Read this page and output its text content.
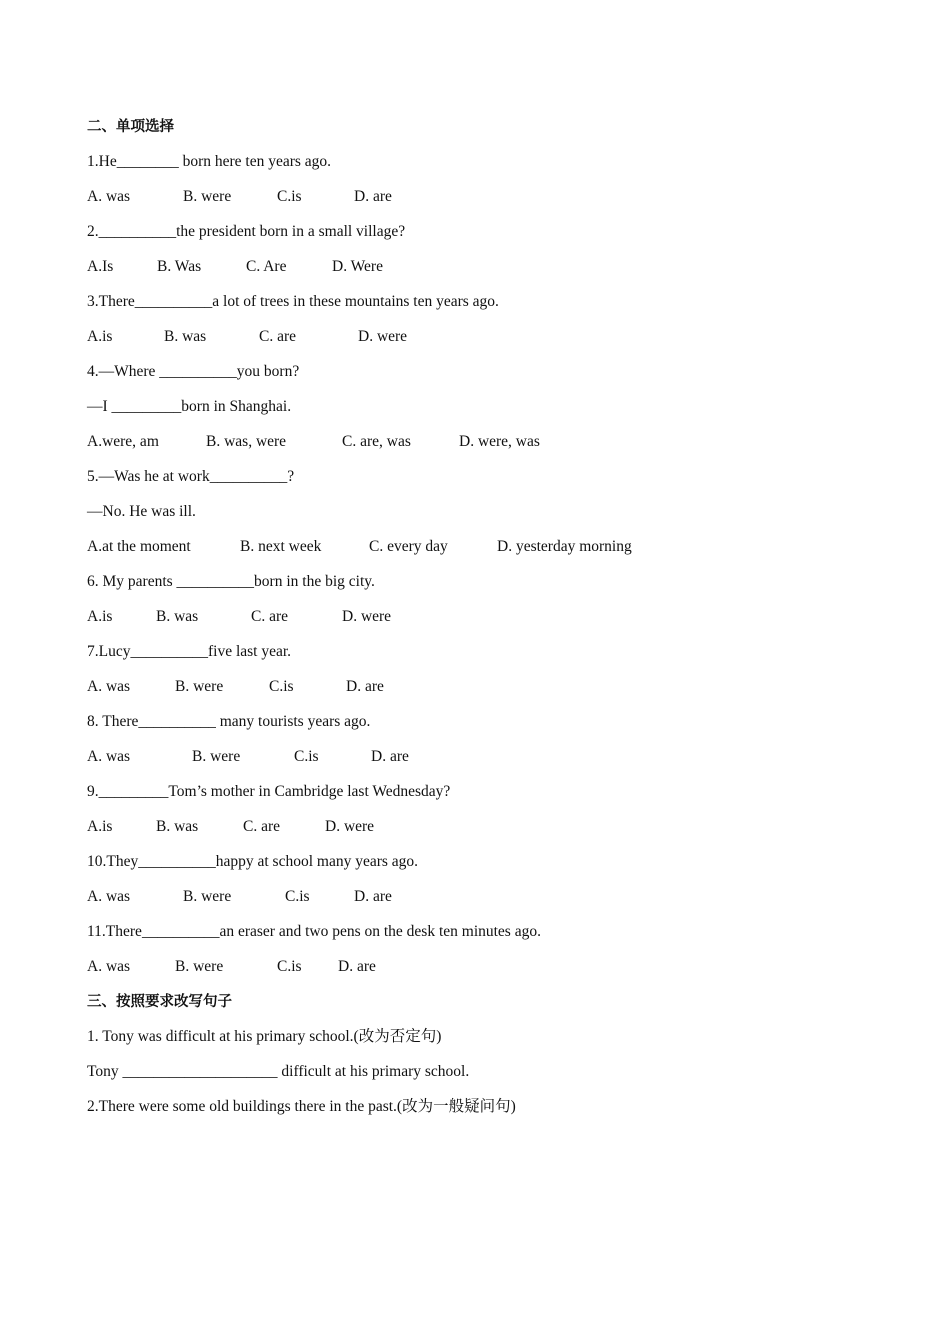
二、单项选择
1.He________ born here ten years ago.
A. was	B. were	C.is	D. are
2.__________the president born in a small village?
A.Is	B. Was	C. Are	D. Were
3.There__________a lot of trees in these mountains ten years ago.
A.is	B. was	C. are	D. were
4.—Where __________you born?
—I _________born in Shanghai.
A.were, am	B. was, were	C. are, was	D. were, was
5.—Was he at work__________?
—No. He was ill.
A.at the moment	B. next week	C. every day	D. yesterday morning
6. My parents __________born in the big city.
A.is	B. was	C. are	D. were
7.Lucy__________five last year.
A. was	B. were	C.is	D. are
8. There__________ many tourists years ago.
A. was	B. were	C.is	D. are
9._________Tom’s mother in Cambridge last Wednesday?
A.is	B. was	C. are	D. were
10.They__________happy at school many years ago.
A. was	B. were	C.is	D. are
11.There__________an eraser and two pens on the desk ten minutes ago.
A. was	B. were	C.is	D. are
三、按照要求改写句子
1. Tony was difficult at his primary school.(改为否定句)
Tony ____________________ difficult at his primary school.
2.There were some old buildings there in the past.(改为一般疑问句)
